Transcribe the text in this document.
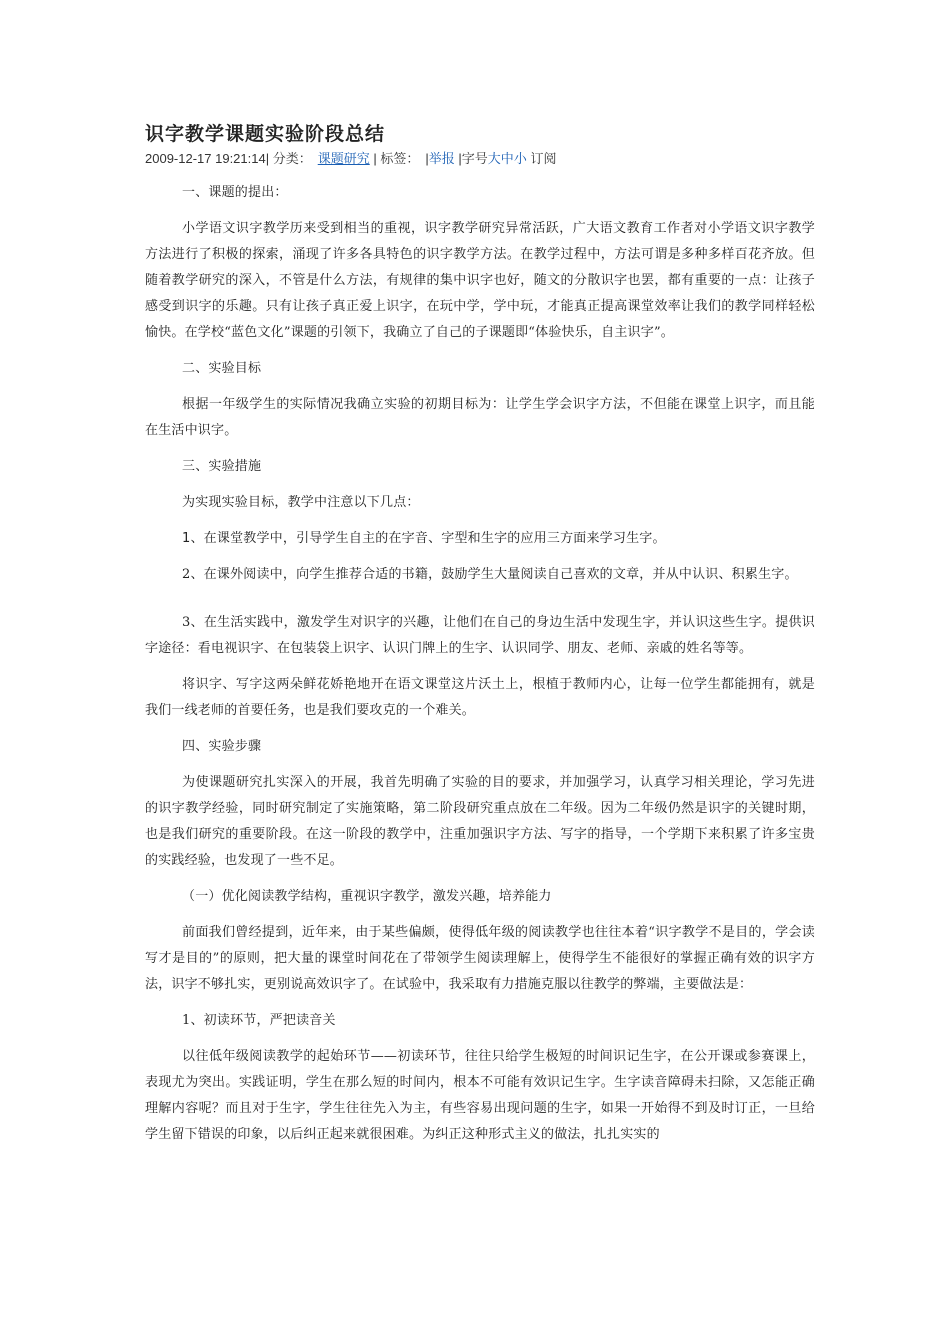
识字教学课题实验阶段总结
2009-12-17 19:21:14| 分类： 课题研究 | 标签： |举报 |字号大中小 订阅

一、课题的提出：

小学语文识字教学历来受到相当的重视，识字教学研究异常活跃，广大语文教育工作者对小学语文识字教学方法进行了积极的探索，涌现了许多各具特色的识字教学方法。在教学过程中，方法可谓是多种多样百花齐放。但随着教学研究的深入，不管是什么方法，有规律的集中识字也好，随文的分散识字也罢，都有重要的一点：让孩子感受到识字的乐趣。只有让孩子真正爱上识字，在玩中学，学中玩，才能真正提高课堂效率让我们的教学同样轻松愉快。在学校“蓝色文化”课题的引领下，我确立了自己的子课题即“体验快乐，自主识字”。

二、实验目标

根据一年级学生的实际情况我确立实验的初期目标为：让学生学会识字方法，不但能在课堂上识字，而且能在生活中识字。

三、实验措施

为实现实验目标，教学中注意以下几点：

1、在课堂教学中，引导学生自主的在字音、字型和生字的应用三方面来学习生字。

2、在课外阅读中，向学生推荐合适的书籍，鼓励学生大量阅读自己喜欢的文章，并从中认识、积累生字。

3、在生活实践中，激发学生对识字的兴趣，让他们在自己的身边生活中发现生字，并认识这些生字。提供识字途径：看电视识字、在包装袋上识字、认识门牌上的生字、认识同学、朋友、老师、亲戚的姓名等等。

将识字、写字这两朵鲜花娇艳地开在语文课堂这片沃土上，根植于教师内心，让每一位学生都能拥有，就是我们一线老师的首要任务，也是我们要攻克的一个难关。

四、实验步骤

为使课题研究扎实深入的开展，我首先明确了实验的目的要求，并加强学习，认真学习相关理论，学习先进的识字教学经验，同时研究制定了实施策略，第二阶段研究重点放在二年级。因为二年级仍然是识字的关键时期，也是我们研究的重要阶段。在这一阶段的教学中，注重加强识字方法、写字的指导，一个学期下来积累了许多宝贵的实践经验，也发现了一些不足。

（一）优化阅读教学结构，重视识字教学，激发兴趣，培养能力

前面我们曾经提到，近年来，由于某些偏颇，使得低年级的阅读教学也往往本着“识字教学不是目的，学会读写才是目的”的原则，把大量的课堂时间花在了带领学生阅读理解上，使得学生不能很好的掌握正确有效的识字方法，识字不够扎实，更别说高效识字了。在试验中，我采取有力措施克服以往教学的弊端，主要做法是：

1、初读环节，严把读音关

以往低年级阅读教学的起始环节——初读环节，往往只给学生极短的时间识记生字，在公开课或参赛课上，表现尤为突出。实践证明，学生在那么短的时间内，根本不可能有效识记生字。生字读音障碍未扫除，又怎能正确理解内容呢？而且对于生字，学生往往先入为主，有些容易出现问题的生字，如果一开始得不到及时订正，一旦给学生留下错误的印象，以后纠正起来就很困难。为纠正这种形式主义的做法，扎扎实实的
